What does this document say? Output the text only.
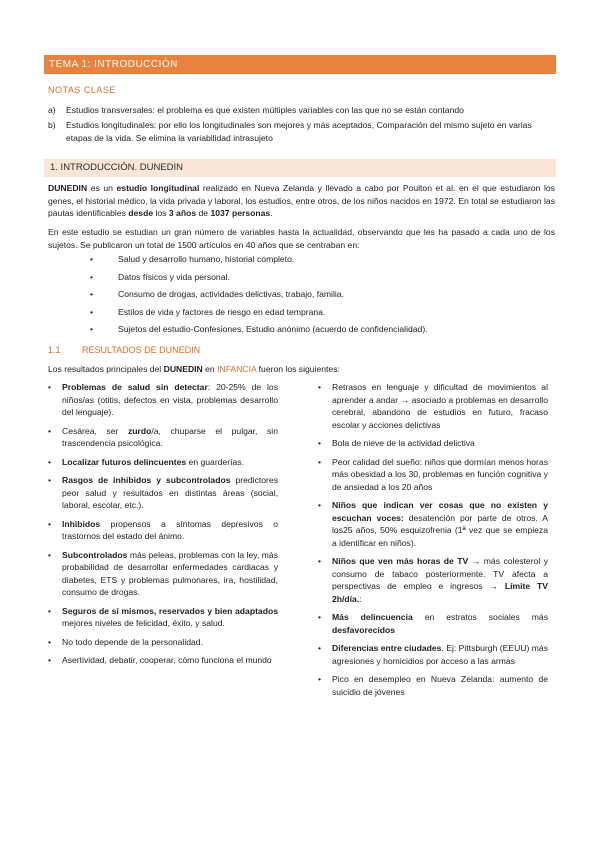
TEMA 1: INTRODUCCIÓN
NOTAS CLASE
a) Estudios transversales: el problema es que existen múltiples variables con las que no se están contando
b) Estudios longitudinales: por ello los longitudinales son mejores y más aceptados, Comparación del mismo sujeto en varias etapas de la vida. Se elimina la variabilidad intrasujeto
1. INTRODUCCIÓN. DUNEDIN
DUNEDIN es un estudio longitudinal realizado en Nueva Zelanda y llevado a cabo por Poulton et al. en el que estudiaron los genes, el historial médico, la vida privada y laboral, los estudios, entre otros, de los niños nacidos en 1972. En total se estudiaron las pautas identificables desde los 3 años de 1037 personas.
En este estudio se estudian un gran número de variables hasta la actualidad, observando que les ha pasado a cada uno de los sujetos. Se publicaron un total de 1500 artículos en 40 años que se centraban en:
• Salud y desarrollo humano, historial completo.
• Datos físicos y vida personal.
• Consumo de drogas, actividades delictivas, trabajo, familia.
• Estilos de vida y factores de riesgo en edad temprana.
• Sujetos del estudio-Confesiones. Estudio anónimo (acuerdo de confidencialidad).
1.1 RESULTADOS DE DUNEDIN
Los resultados principales del DUNEDIN en INFANCIA fueron los siguientes:
• Problemas de salud sin detectar: 20-25% de los niños/as (otitis, defectos en vista, problemas desarrollo del lenguaje).
• Cesárea, ser zurdo/a, chuparse el pulgar, sin trascendencia psicológica.
• Localizar futuros delincuentes en guarderías.
• Rasgos de inhibidos y subcontrolados predictores peor salud y resultados en distintas áreas (social, laboral, escolar, etc.).
• Inhibidos propensos a síntomas depresivos o trastornos del estado del ánimo.
• Subcontrolados más peleas, problemas con la ley, más probabilidad de desarrollar enfermedades cardiacas y diabetes, ETS y problemas pulmonares, ira, hostilidad, consumo de drogas.
• Seguros de sí mismos, reservados y bien adaptados mejores niveles de felicidad, éxito, y salud.
• No todo depende de la personalidad.
• Asertividad, debatir, cooperar, cómo funciona el mundo
• Retrasos en lenguaje y dificultad de movimientos al aprender a andar → asociado a problemas en desarrollo cerebral, abandono de estudios en futuro, fracaso escolar y acciones delictivas
• Bola de nieve de la actividad delictiva
• Peor calidad del sueño: niños que dormían menos horas más obesidad a los 30, problemas en función cognitiva y de ansiedad a los 20 años
• Niños que indican ver cosas que no existen y escuchan voces: desatención por parte de otros. A los25 años, 50% esquizofrenia (1ª vez que se empieza a identificar en niños).
• Niños que ven más horas de TV → más colesterol y consumo de tabaco posteriormente. TV afecta a perspectivas de empleo e ingresos → Límite TV 2h/día.:
• Más delincuencia en estratos sociales más desfavorecidos
• Diferencias entre ciudades. Ej: Pittsburgh (EEUU) más agresiones y homicidios por acceso a las armas
• Pico en desempleo en Nueva Zelanda: aumento de suicidio de jóvenes
